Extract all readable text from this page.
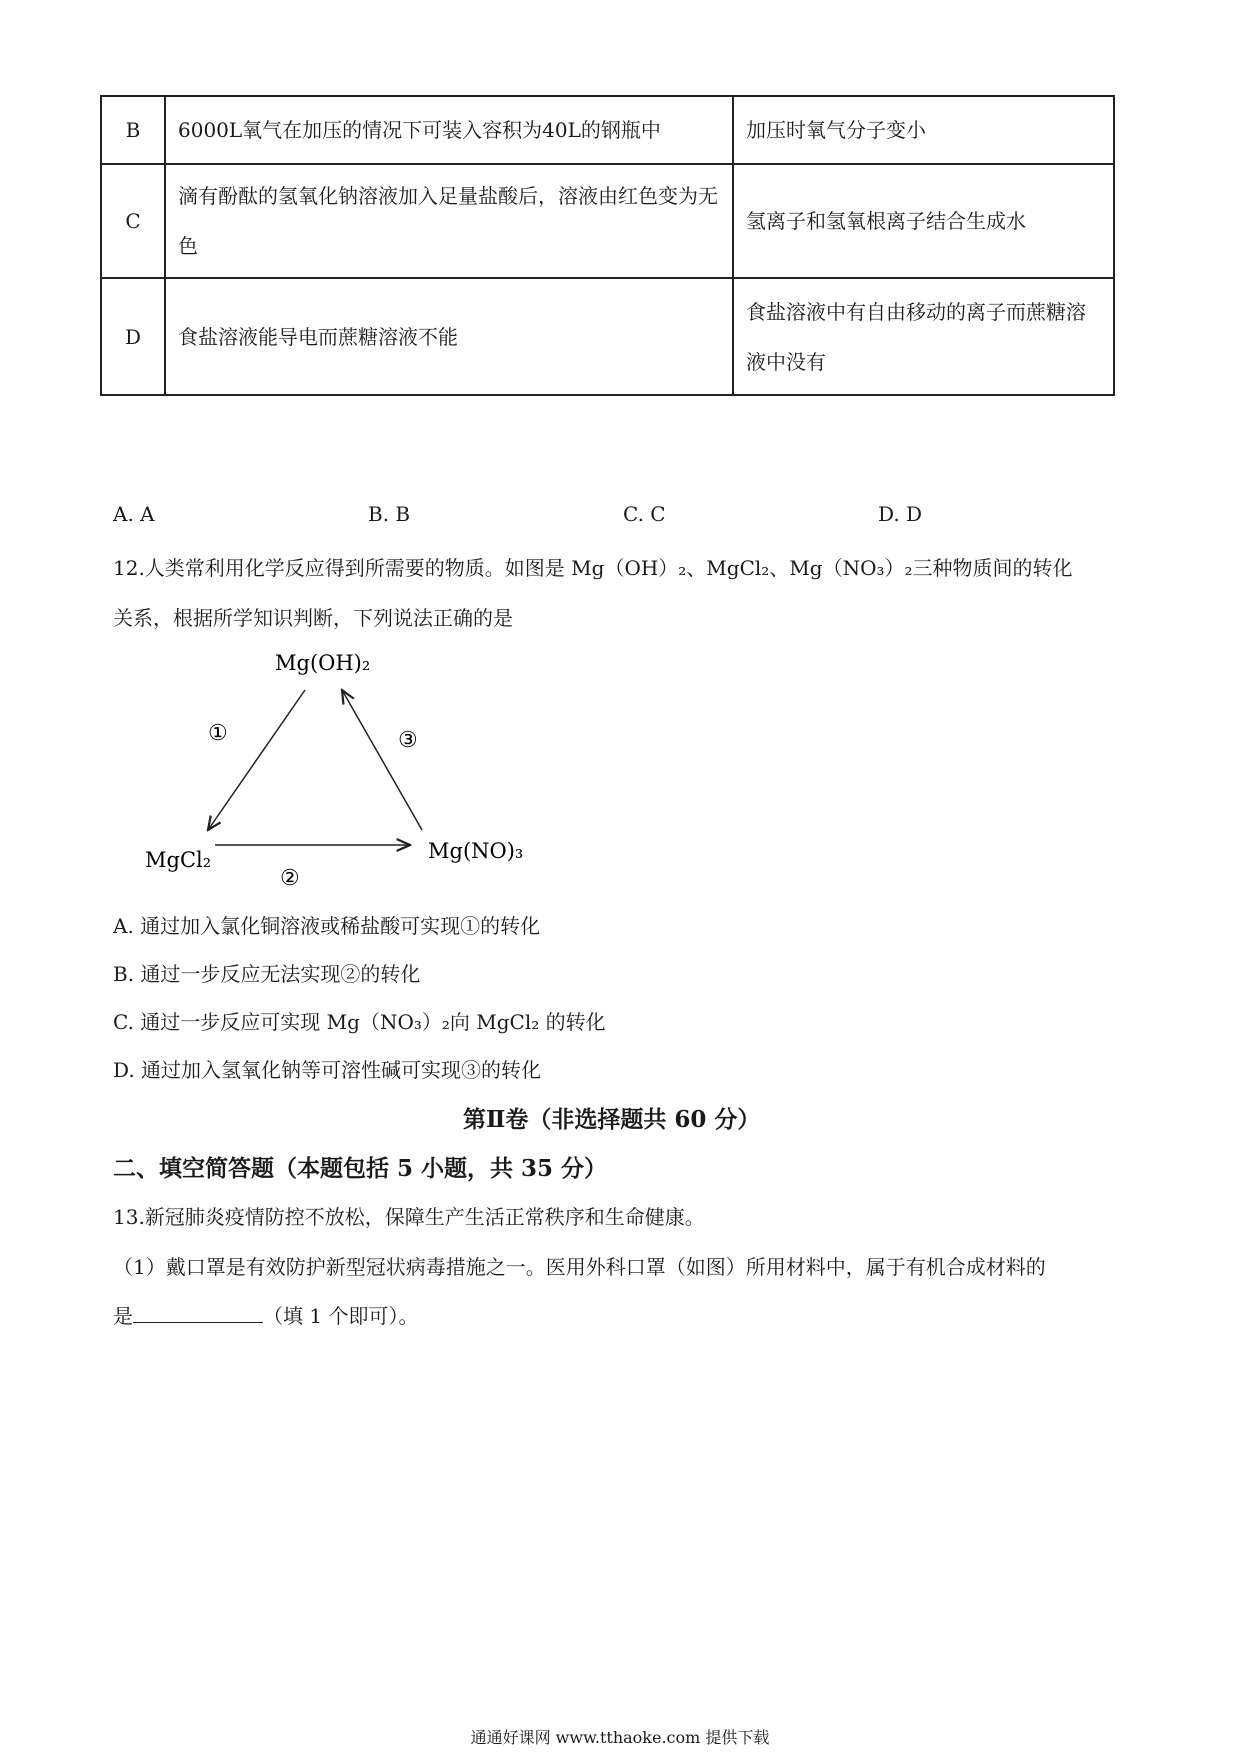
B	6000L氧气在加压的情况下可装入容积为40L的钢瓶中	加压时氧气分子变小
C	滴有酚酞的氢氧化钠溶液加入足量盐酸后，溶液由红色变为无色	氢离子和氢氧根离子结合生成水
D	食盐溶液能导电而蔗糖溶液不能	食盐溶液中有自由移动的离子而蔗糖溶液中没有
A. A	B. B	C. C	D. D
12.人类常利用化学反应得到所需要的物质。如图是 Mg（OH）₂、MgCl₂、Mg（NO₃）₂三种物质间的转化
关系，根据所学知识判断，下列说法正确的是
Mg(OH)₂
MgCl₂	Mg(NO)₃
①
②
③
A. 通过加入氯化铜溶液或稀盐酸可实现①的转化
B. 通过一步反应无法实现②的转化
C. 通过一步反应可实现 Mg（NO₃）₂向 MgCl₂ 的转化
D. 通过加入氢氧化钠等可溶性碱可实现③的转化
第Ⅱ卷（非选择题共 60 分）
二、填空简答题（本题包括 5 小题，共 35 分）
13.新冠肺炎疫情防控不放松，保障生产生活正常秩序和生命健康。
（1）戴口罩是有效防护新型冠状病毒措施之一。医用外科口罩（如图）所用材料中，属于有机合成材料的
是	（填 1 个即可）。
通通好课网 www.tthaoke.com 提供下载
